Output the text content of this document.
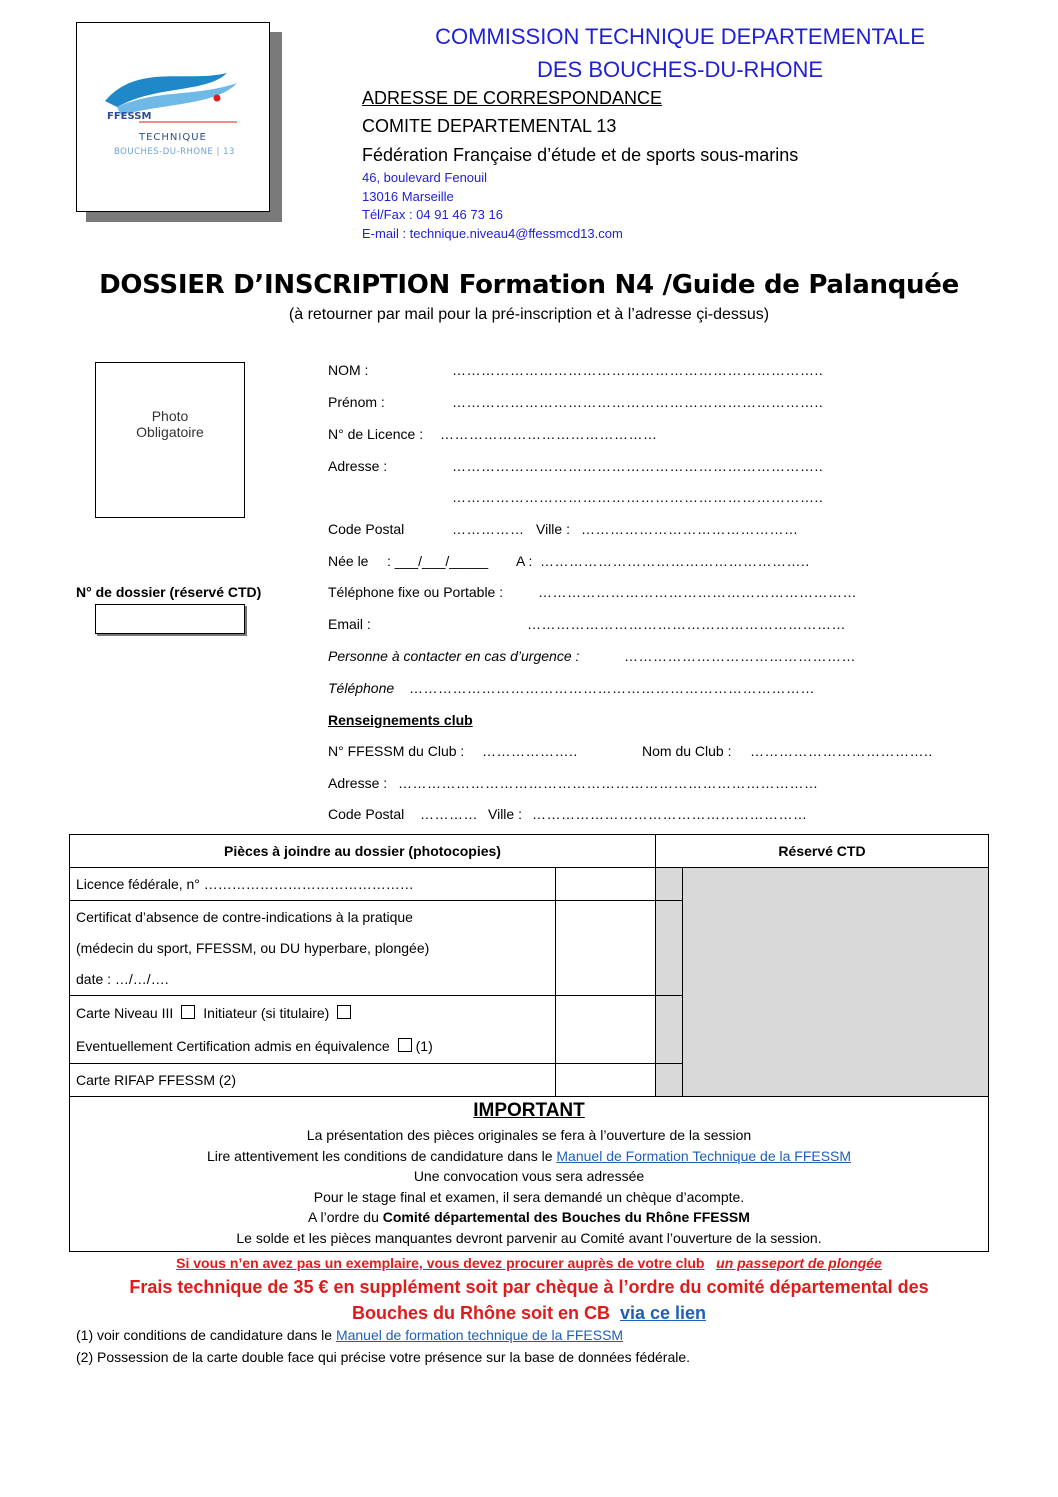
FFESSM
TECHNIQUE
BOUCHES-DU-RHONE | 13
COMMISSION TECHNIQUE DEPARTEMENTALE
DES BOUCHES-DU-RHONE
ADRESSE DE CORRESPONDANCE
COMITE DEPARTEMENTAL 13
Fédération Française d’étude et de sports sous-marins
46, boulevard Fenouil
13016 Marseille
Tél/Fax : 04 91 46 73 16
E-mail : technique.niveau4@ffessmcd13.com
DOSSIER D’INSCRIPTION Formation N4 /Guide de Palanquée
(à retourner par mail pour la pré-inscription et à l’adresse çi-dessus)
Photo
Obligatoire
N° de dossier (réservé CTD)
NOM :	…………………………………………………………………..
Prénom :	…………………………………………………………………..
N° de Licence : ………………………………………
Adresse :	…………………………………………………………………..
…………………………………………………………………..
Code Postal	…………… Ville : ………………………………………
Née le : ___/___/_____ A : ………………………………………………..
Téléphone fixe ou Portable : …………………………………………………………
Email :	…………………………………………………………
Personne à contacter en cas d’urgence :	…………………………………………
Téléphone …………………………………………………………………………
Renseignements club
N° FFESSM du Club : ………………..	Nom du Club : ………………………………..
Adresse : ……………………………………………………………………………
Code Postal ………… Ville : …………………………………………………
Pièces à joindre au dossier (photocopies)		Réservé CTD	
Licence fédérale, n° ………………………………………			

Certificat d’absence de contre-indications à la pratique
(médecin du sport, FFESSM, ou DU hyperbare, plongée)
date : …/…/….			

Carte Niveau III Initiateur (si titulaire)
Eventuellement Certification admis en équivalence (1)			

Carte RIFAP FFESSM (2)			
IMPORTANT
La présentation des pièces originales se fera à l’ouverture de la session
Lire attentivement les conditions de candidature dans le Manuel de Formation Technique de la FFESSM
Une convocation vous sera adressée
Pour le stage final et examen, il sera demandé un chèque d’acompte.
A l’ordre du Comité départemental des Bouches du Rhône FFESSM
Le solde et les pièces manquantes devront parvenir au Comité avant l’ouverture de la session.
Si vous n’en avez pas un exemplaire, vous devez procurer auprès de votre club un passeport de plongée
Frais technique de 35 € en supplément soit par chèque à l’ordre du comité départemental des
Bouches du Rhône soit en CB via ce lien
(1) voir conditions de candidature dans le Manuel de formation technique de la FFESSM
(2) Possession de la carte double face qui précise votre présence sur la base de données fédérale.
